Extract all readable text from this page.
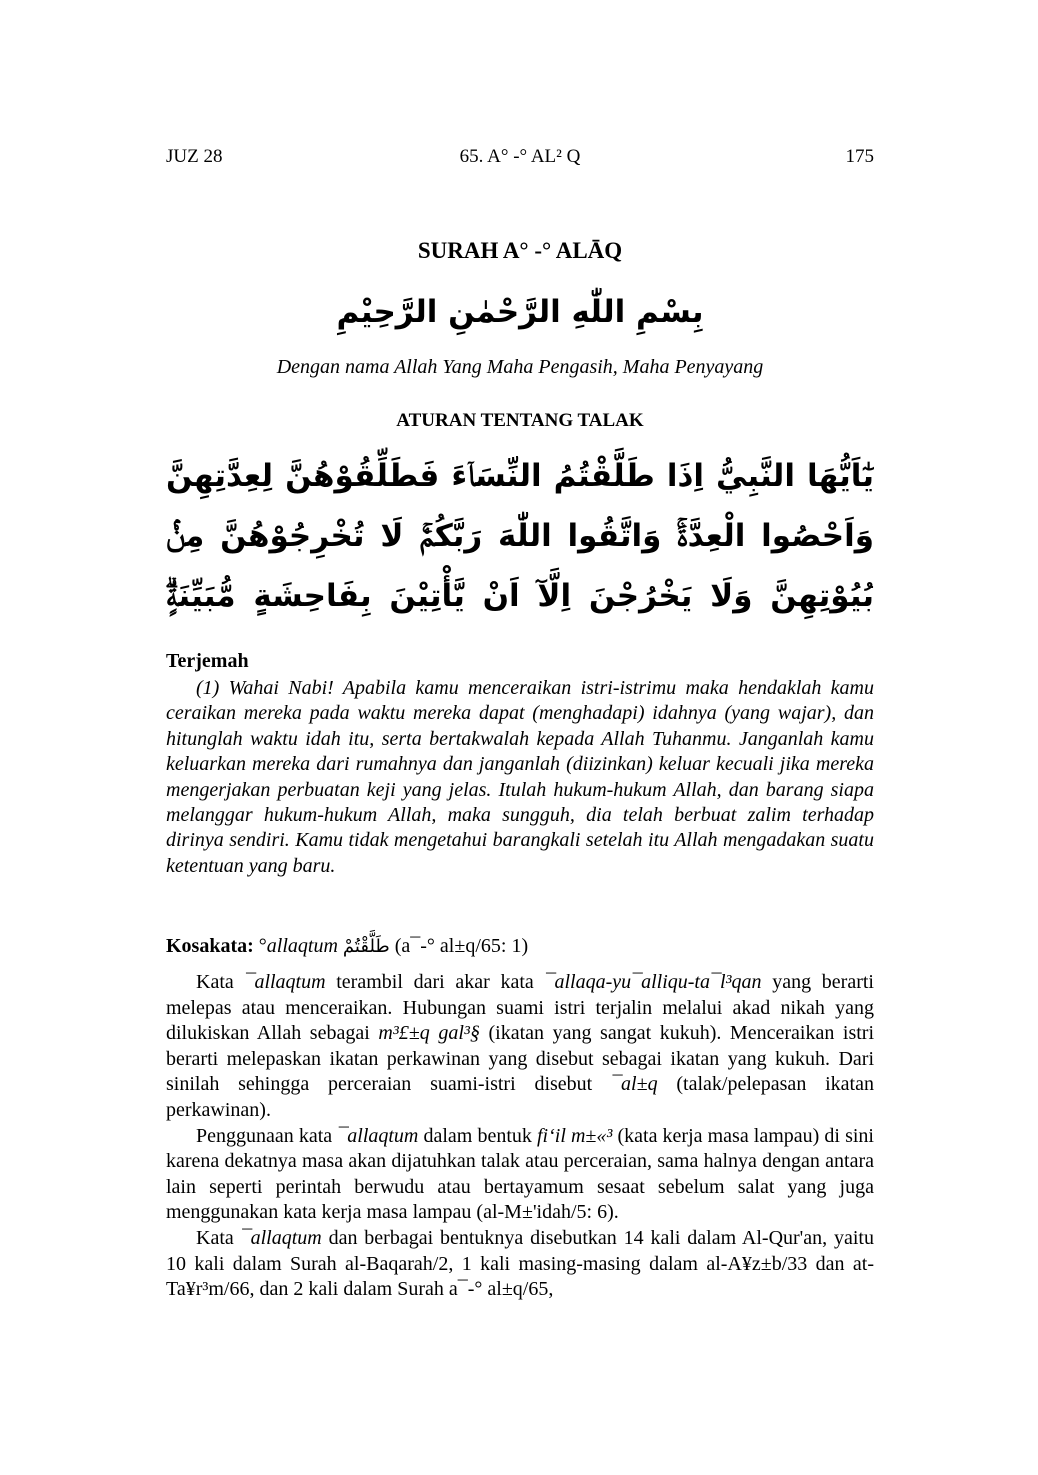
JUZ 28	65. A° -° AL² Q	175
SURAH A° -° ALĀQ
بِسْمِ اللّٰهِ الرَّحْمٰنِ الرَّحِيْمِ
Dengan nama Allah Yang Maha Pengasih, Maha Penyayang
ATURAN TENTANG TALAK
يٰٓاَيُّهَا النَّبِيُّ اِذَا طَلَّقْتُمُ النِّسَاۤءَ فَطَلِّقُوْهُنَّ لِعِدَّتِهِنَّ وَاَحْصُوا الْعِدَّةَۚ وَاتَّقُوا اللّٰهَ رَبَّكُمْۚ لَا تُخْرِجُوْهُنَّ مِنْۢ بُيُوْتِهِنَّ وَلَا يَخْرُجْنَ اِلَّآ اَنْ يَّأْتِيْنَ بِفَاحِشَةٍ مُّبَيِّنَةٍۗ
Terjemah

(1) Wahai Nabi! Apabila kamu menceraikan istri-istrimu maka hendaklah kamu ceraikan mereka pada waktu mereka dapat (menghadapi) idahnya (yang wajar), dan hitunglah waktu idah itu, serta bertakwalah kepada Allah Tuhanmu. Janganlah kamu keluarkan mereka dari rumahnya dan janganlah (diizinkan) keluar kecuali jika mereka mengerjakan perbuatan keji yang jelas. Itulah hukum-hukum Allah, dan barang siapa melanggar hukum-hukum Allah, maka sungguh, dia telah berbuat zalim terhadap dirinya sendiri. Kamu tidak mengetahui barangkali setelah itu Allah mengadakan suatu ketentuan yang baru.

Kosakata: °allaqtum طَلَّقْتُمْ (a¯-° al±q/65: 1)

Kata ¯allaqtum terambil dari akar kata ¯allaqa-yu¯alliqu-ta¯l³qan yang berarti melepas atau menceraikan. Hubungan suami istri terjalin melalui akad nikah yang dilukiskan Allah sebagai m³£±q gal³§ (ikatan yang sangat kukuh). Menceraikan istri berarti melepaskan ikatan perkawinan yang disebut sebagai ikatan yang kukuh. Dari sinilah sehingga perceraian suami-istri disebut ¯al±q (talak/pelepasan ikatan perkawinan).

Penggunaan kata ¯allaqtum dalam bentuk fi‘il m±«³ (kata kerja masa lampau) di sini karena dekatnya masa akan dijatuhkan talak atau perceraian, sama halnya dengan antara lain seperti perintah berwudu atau bertayamum sesaat sebelum salat yang juga menggunakan kata kerja masa lampau (al-M±'idah/5: 6).

Kata ¯allaqtum dan berbagai bentuknya disebutkan 14 kali dalam Al-Qur'an, yaitu 10 kali dalam Surah al-Baqarah/2, 1 kali masing-masing dalam al-A¥z±b/33 dan at-Ta¥r³m/66, dan 2 kali dalam Surah a¯-° al±q/65,
